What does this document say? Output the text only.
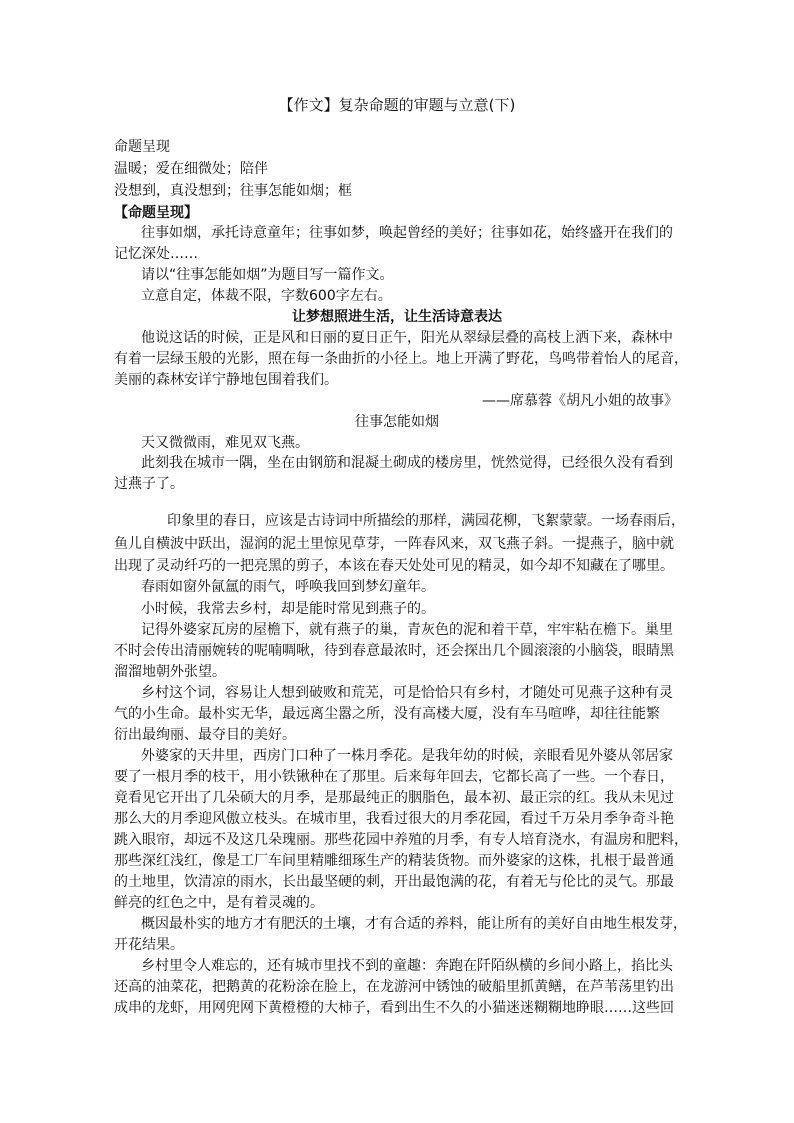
【作文】复杂命题的审题与立意(下)
命题呈现
温暖；爱在细微处；陪伴
没想到，真没想到；往事怎能如烟；框
【命题呈现】
往事如烟，承托诗意童年；往事如梦，唤起曾经的美好；往事如花，始终盛开在我们的
记忆深处……
请以“往事怎能如烟”为题目写一篇作文。
立意自定，体裁不限，字数600字左右。
让梦想照进生活，让生活诗意表达
他说这话的时候，正是风和日丽的夏日正午，阳光从翠绿层叠的高枝上洒下来，森林中
有着一层绿玉般的光影，照在每一条曲折的小径上。地上开满了野花，鸟鸣带着怡人的尾音，
美丽的森林安详宁静地包围着我们。
——席慕蓉《胡凡小姐的故事》
往事怎能如烟
天又微微雨，难见双飞燕。
此刻我在城市一隅，坐在由钢筋和混凝土砌成的楼房里，恍然觉得，已经很久没有看到
过燕子了。
印象里的春日，应该是古诗词中所描绘的那样，满园花柳，飞絮蒙蒙。一场春雨后，
鱼儿自横波中跃出，湿润的泥土里惊见草芽，一阵春风来，双飞燕子斜。一提燕子，脑中就
出现了灵动纤巧的一把亮黑的剪子，本该在春天处处可见的精灵，如今却不知藏在了哪里。
春雨如窗外氤氲的雨气，呼唤我回到梦幻童年。
小时候，我常去乡村，却是能时常见到燕子的。
记得外婆家瓦房的屋檐下，就有燕子的巢，青灰色的泥和着干草，牢牢粘在檐下。巢里
不时会传出清丽婉转的呢喃啁啾，待到春意最浓时，还会探出几个圆滚滚的小脑袋，眼睛黑
溜溜地朝外张望。
乡村这个词，容易让人想到破败和荒芜，可是恰恰只有乡村，才随处可见燕子这种有灵
气的小生命。最朴实无华，最远离尘嚣之所，没有高楼大厦，没有车马喧哗，却往往能繁
衍出最绚丽、最夺目的美好。
外婆家的天井里，西房门口种了一株月季花。是我年幼的时候，亲眼看见外婆从邻居家
要了一根月季的枝干，用小铁锹种在了那里。后来每年回去，它都长高了一些。一个春日，
竟看见它开出了几朵硕大的月季，是那最纯正的胭脂色，最本初、最正宗的红。我从未见过
那么大的月季迎风傲立枝头。在城市里，我看过很大的月季花园，看过千万朵月季争奇斗艳
跳入眼帘，却远不及这几朵瑰丽。那些花园中养殖的月季，有专人培育浇水，有温房和肥料，
那些深红浅红，像是工厂车间里精雕细琢生产的精装货物。而外婆家的这株，扎根于最普通
的土地里，饮清凉的雨水，长出最坚硬的刺，开出最饱满的花，有着无与伦比的灵气。那最
鲜亮的红色之中，是有着灵魂的。
概因最朴实的地方才有肥沃的土壤，才有合适的养料，能让所有的美好自由地生根发芽，
开花结果。
乡村里令人难忘的，还有城市里找不到的童趣：奔跑在阡陌纵横的乡间小路上，掐比头
还高的油菜花，把鹅黄的花粉涂在脸上，在龙游河中锈蚀的破船里抓黄鳝，在芦苇荡里钓出
成串的龙虾，用网兜网下黄橙橙的大柿子，看到出生不久的小猫迷迷糊糊地睁眼……这些回
